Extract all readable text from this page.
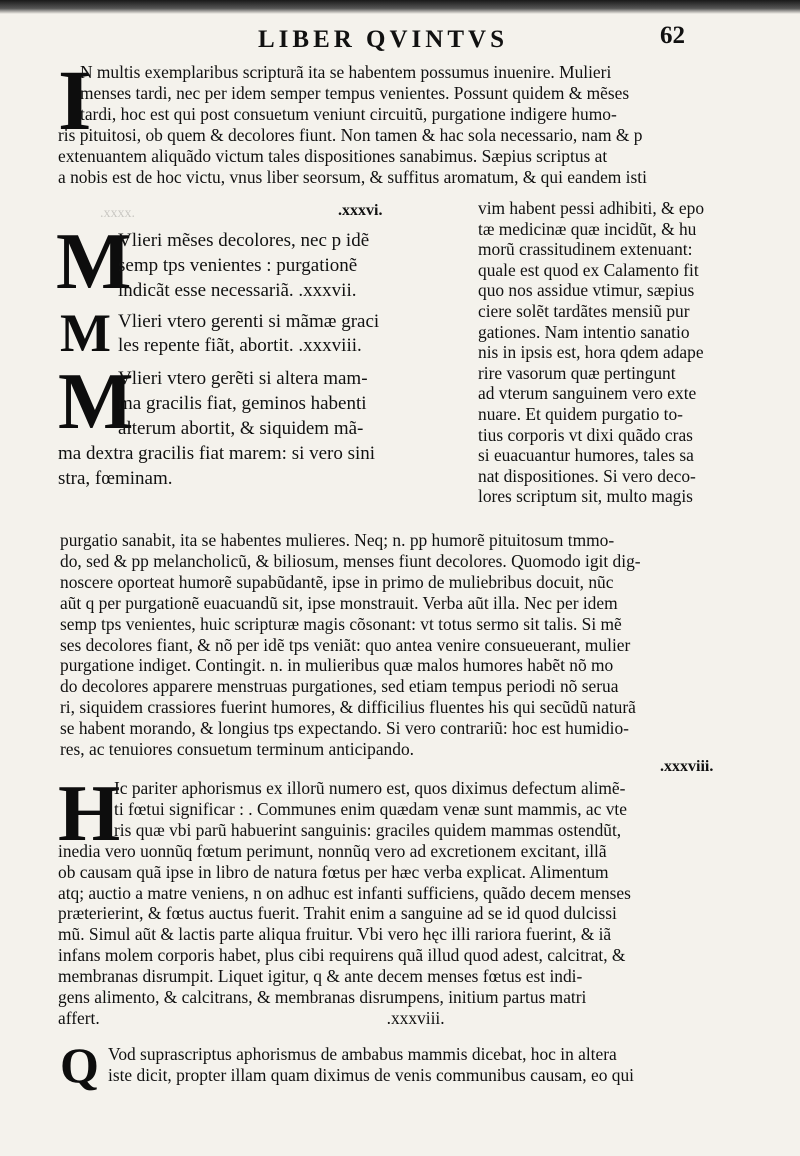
LIBER QVINTVS	62
I
N multis exemplaribus scripturã ita se habentem possumus inuenire. Mulieri
menses tardi, nec per idem semper tempus venientes. Possunt quidem & mẽses
tardi, hoc est qui post consuetum veniunt circuitũ, purgatione indigere humo-
ris pituitosi, ob quem & decolores fiunt. Non tamen & hac sola necessario, nam & p
extenuantem aliquãdo victum tales dispositiones sanabimus. Sæpius scriptus at
a nobis est de hoc victu, vnus liber seorsum, & suffitus aromatum, & qui eandem isti
.xxxx.	.xxxvi.
M
Vlieri mẽses decolores, nec p idẽ
semp tps venientes : purgationẽ
indicãt esse necessariã. .xxxvii.
M Vlieri vtero gerenti si mãmæ graci
les repente fiãt, abortit. .xxxviii.
M
Vlieri vtero gerẽti si altera mam-
ma gracilis fiat, geminos habenti
alterum abortit, & siquidem mã-
ma dextra gracilis fiat marem: si vero sini
stra, fœminam.
vim habent pessi adhibiti, & epo
tæ medicinæ quæ incidũt, & hu
morũ crassitudinem extenuant:
quale est quod ex Calamento fit
quo nos assidue vtimur, sæpius
ciere solẽt tardãtes mensiũ pur
gationes. Nam intentio sanatio
nis in ipsis est, hora qdem adape
rire vasorum quæ pertingunt
ad vterum sanguinem vero exte
nuare. Et quidem purgatio to-
tius corporis vt dixi quãdo cras
si euacuantur humores, tales sa
nat dispositiones. Si vero deco-
lores scriptum sit, multo magis
purgatio sanabit, ita se habentes mulieres. Neq; n. pp humorẽ pituitosum tmmo-
do, sed & pp melancholicũ, & biliosum, menses fiunt decolores. Quomodo igit dig-
noscere oporteat humorẽ supabũdantẽ, ipse in primo de muliebribus docuit, nũc
aũt q per purgationẽ euacuandũ sit, ipse monstrauit. Verba aũt illa. Nec per idem
semp tps venientes, huic scripturæ magis cõsonant: vt totus sermo sit talis. Si mẽ
ses decolores fiant, & nõ per idẽ tps veniãt: quo antea venire consueuerant, mulier
purgatione indiget. Contingit. n. in mulieribus quæ malos humores habẽt nõ mo
do decolores apparere menstruas purgationes, sed etiam tempus periodi nõ serua
ri, siquidem crassiores fuerint humores, & difficilius fluentes his qui secũdũ naturã
se habent morando, & longius tps expectando. Si vero contrariũ: hoc est humidio-
res, ac tenuiores consuetum terminum anticipando.
.xxxviii.
H
Ic pariter aphorismus ex illorũ numero est, quos diximus defectum alimẽ-
ti fœtui significar : . Communes enim quædam venæ sunt mammis, ac vte
ris quæ vbi parũ habuerint sanguinis: graciles quidem mammas ostendũt,
inedia vero uonnũq fœtum perimunt, nonnũq vero ad excretionem excitant, illã
ob causam quã ipse in libro de natura fœtus per hæc verba explicat. Alimentum
atq; auctio a matre veniens, n on adhuc est infanti sufficiens, quãdo decem menses
præterierint, & fœtus auctus fuerit. Trahit enim a sanguine ad se id quod dulcissi
mũ. Simul aũt & lactis parte aliqua fruitur. Vbi vero hęc illi rariora fuerint, & iã
infans molem corporis habet, plus cibi requirens quã illud quod adest, calcitrat, &
membranas disrumpit. Liquet igitur, q & ante decem menses fœtus est indi-
gens alimento, & calcitrans, & membranas disrumpens, initium partus matri
affert.                                                                  .xxxviii.
Q Vod suprascriptus aphorismus de ambabus mammis dicebat, hoc in altera
iste dicit, propter illam quam diximus de venis communibus causam, eo qui
